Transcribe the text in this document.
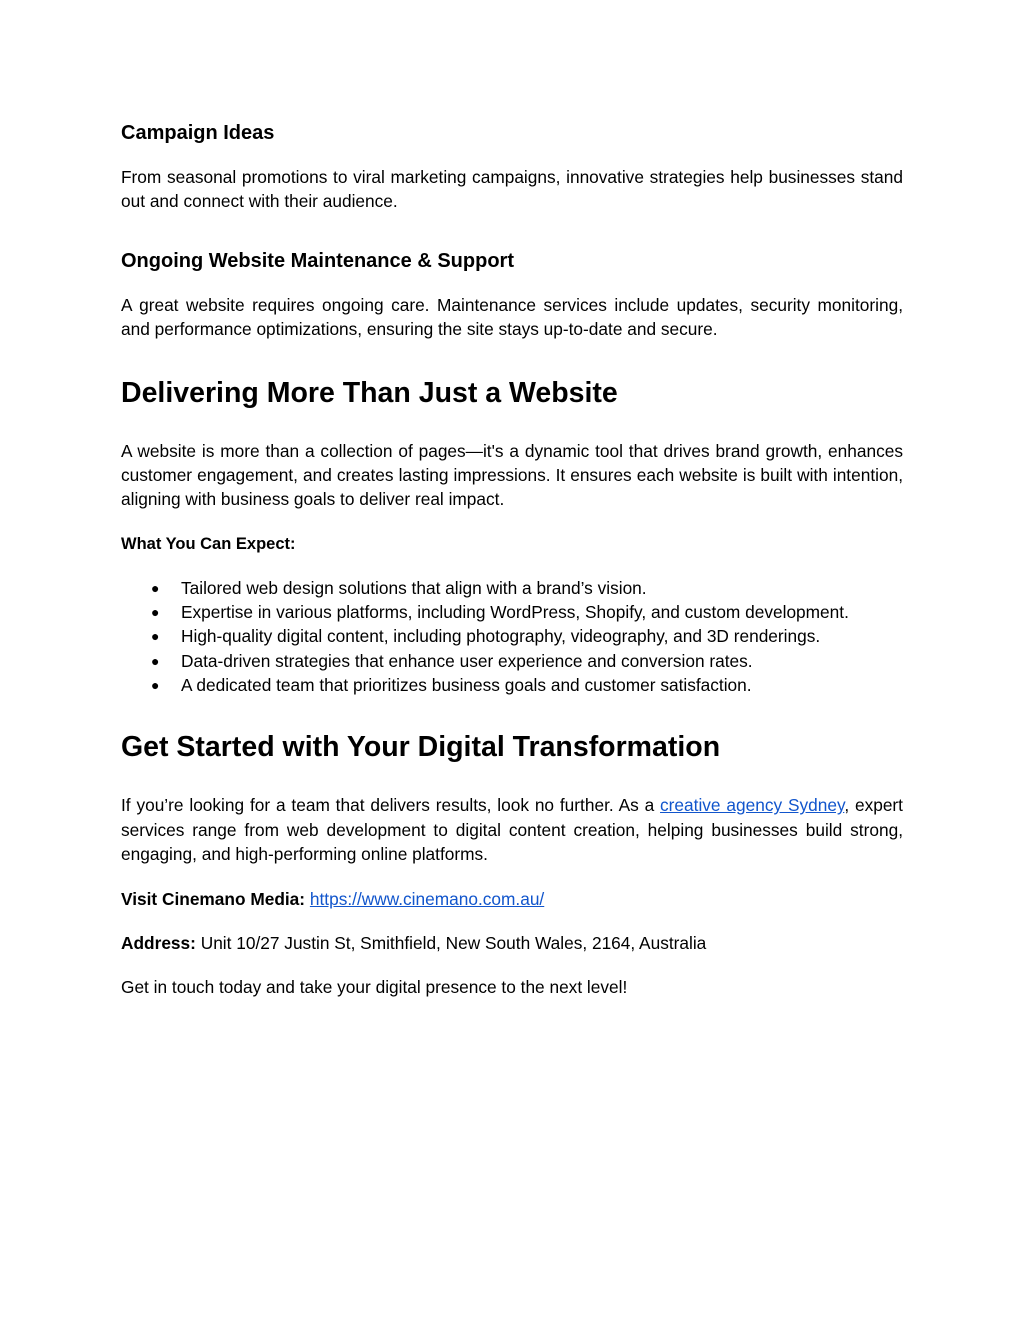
Campaign Ideas

From seasonal promotions to viral marketing campaigns, innovative strategies help businesses stand out and connect with their audience.

Ongoing Website Maintenance & Support

A great website requires ongoing care. Maintenance services include updates, security monitoring, and performance optimizations, ensuring the site stays up-to-date and secure.

Delivering More Than Just a Website

A website is more than a collection of pages—it's a dynamic tool that drives brand growth, enhances customer engagement, and creates lasting impressions. It ensures each website is built with intention, aligning with business goals to deliver real impact.

What You Can Expect:
● Tailored web design solutions that align with a brand’s vision.
● Expertise in various platforms, including WordPress, Shopify, and custom development.
● High-quality digital content, including photography, videography, and 3D renderings.
● Data-driven strategies that enhance user experience and conversion rates.
● A dedicated team that prioritizes business goals and customer satisfaction.
Get Started with Your Digital Transformation

If you’re looking for a team that delivers results, look no further. As a creative agency Sydney, expert services range from web development to digital content creation, helping businesses build strong, engaging, and high-performing online platforms.

Visit Cinemano Media: https://www.cinemano.com.au/

Address: Unit 10/27 Justin St, Smithfield, New South Wales, 2164, Australia

Get in touch today and take your digital presence to the next level!
